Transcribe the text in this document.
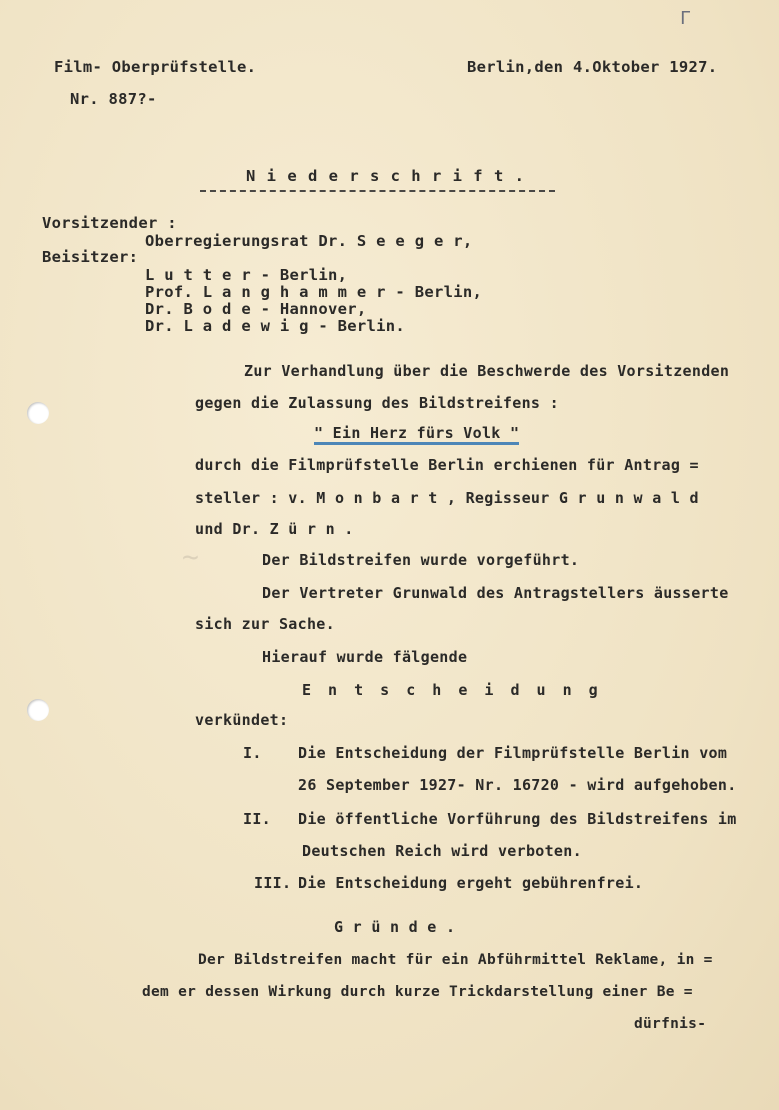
Г
Film- Oberprüfstelle.	Berlin,den 4.Oktober 1927.
Nr. 887?-
N i e d e r s c h r i f t .
Vorsitzender :
Oberregierungsrat Dr. S e e g e r,
Beisitzer:
L u t t e r - Berlin,
Prof. L a n g h a m m e r - Berlin,
Dr. B o d e - Hannover,
Dr. L a d e w i g - Berlin.
Zur Verhandlung über die Beschwerde des Vorsitzenden
gegen die Zulassung des Bildstreifens :
" Ein Herz fürs Volk "
durch die Filmprüfstelle Berlin erchienen für Antrag =
steller : v. M o n b a r t , Regisseur G r u n w a l d
und Dr. Z ü r n .
Der Bildstreifen wurde vorgeführt.
Der Vertreter Grunwald des Antragstellers äusserte
sich zur Sache.
Hierauf wurde fälgende
E n t s c h e i d u n g
verkündet:
I. Die Entscheidung der Filmprüfstelle Berlin vom
26 September 1927- Nr. 16720 - wird aufgehoben.
II. Die öffentliche Vorführung des Bildstreifens im
Deutschen Reich wird verboten.
III. Die Entscheidung ergeht gebührenfrei.
G r ü n d e .
Der Bildstreifen macht für ein Abführmittel Reklame, in =
dem er dessen Wirkung durch kurze Trickdarstellung einer Be =
dürfnis-
~
